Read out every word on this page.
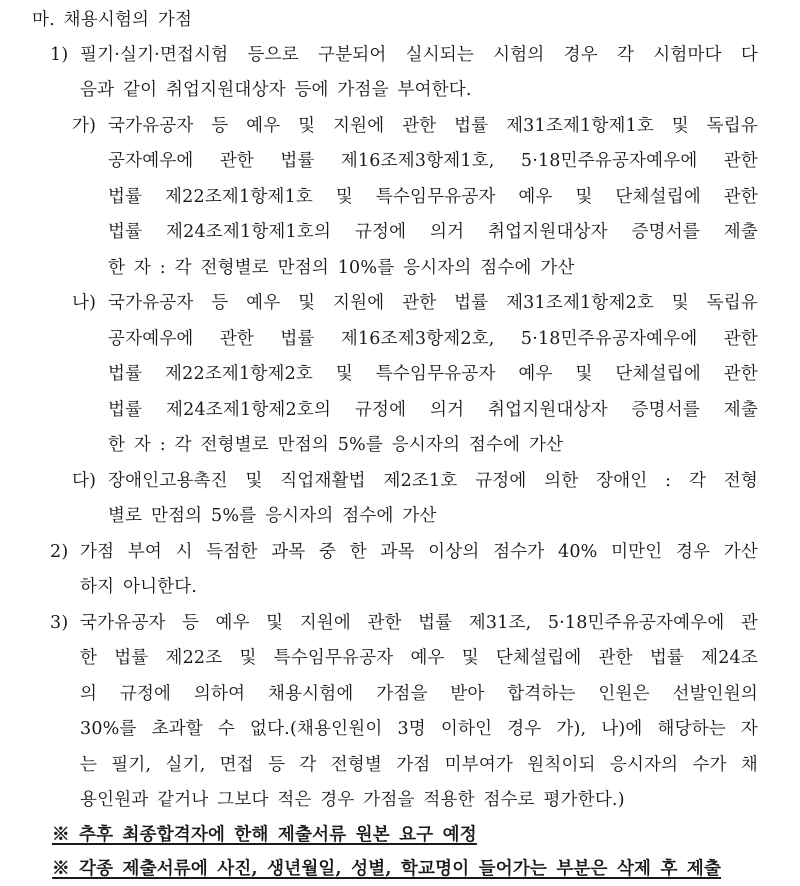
마. 채용시험의 가점
1) 필기·실기·면접시험 등으로 구분되어 실시되는 시험의 경우 각 시험마다 다
음과 같이 취업지원대상자 등에 가점을 부여한다.
가) 국가유공자 등 예우 및 지원에 관한 법률 제31조제1항제1호 및 독립유
공자예우에 관한 법률 제16조제3항제1호, 5·18민주유공자예우에 관한
법률 제22조제1항제1호 및 특수임무유공자 예우 및 단체설립에 관한
법률 제24조제1항제1호의 규정에 의거 취업지원대상자 증명서를 제출
한 자 : 각 전형별로 만점의 10%를 응시자의 점수에 가산
나) 국가유공자 등 예우 및 지원에 관한 법률 제31조제1항제2호 및 독립유
공자예우에 관한 법률 제16조제3항제2호, 5·18민주유공자예우에 관한
법률 제22조제1항제2호 및 특수임무유공자 예우 및 단체설립에 관한
법률 제24조제1항제2호의 규정에 의거 취업지원대상자 증명서를 제출
한 자 : 각 전형별로 만점의 5%를 응시자의 점수에 가산
다) 장애인고용촉진 및 직업재활법 제2조1호 규정에 의한 장애인 : 각 전형
별로 만점의 5%를 응시자의 점수에 가산
2) 가점 부여 시 득점한 과목 중 한 과목 이상의 점수가 40% 미만인 경우 가산
하지 아니한다.
3) 국가유공자 등 예우 및 지원에 관한 법률 제31조, 5·18민주유공자예우에 관
한 법률 제22조 및 특수임무유공자 예우 및 단체설립에 관한 법률 제24조
의 규정에 의하여 채용시험에 가점을 받아 합격하는 인원은 선발인원의
30%를 초과할 수 없다.(채용인원이 3명 이하인 경우 가), 나)에 해당하는 자
는 필기, 실기, 면접 등 각 전형별 가점 미부여가 원칙이되 응시자의 수가 채
용인원과 같거나 그보다 적은 경우 가점을 적용한 점수로 평가한다.)
※ 추후 최종합격자에 한해 제출서류 원본 요구 예정
※ 각종 제출서류에 사진, 생년월일, 성별, 학교명이 들어가는 부분은 삭제 후 제출
